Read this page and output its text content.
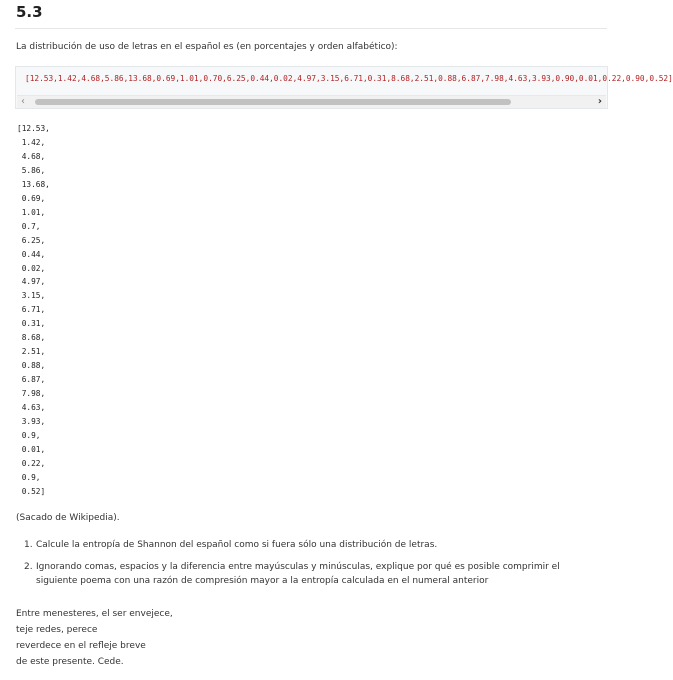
5.3
La distribución de uso de letras en el español es (en porcentajes y orden alfabético):
[12.53,1.42,4.68,5.86,13.68,0.69,1.01,0.70,6.25,0.44,0.02,4.97,3.15,6.71,0.31,8.68,2.51,0.88,6.87,7.98,4.63,3.93,0.90,0.01,0.22,0.90,0.52]
‹	›
[12.53,
1.42,
4.68,
5.86,
13.68,
0.69,
1.01,
0.7,
6.25,
0.44,
0.02,
4.97,
3.15,
6.71,
0.31,
8.68,
2.51,
0.88,
6.87,
7.98,
4.63,
3.93,
0.9,
0.01,
0.22,
0.9,
0.52]
(Sacado de Wikipedia).
1. Calcule la entropía de Shannon del español como si fuera sólo una distribución de letras.
2. Ignorando comas, espacios y la diferencia entre mayúsculas y minúsculas, explique por qué es posible comprimir el siguiente poema con una razón de compresión mayor a la entropía calculada en el numeral anterior
Entre menesteres, el ser envejece,
teje redes, perece
reverdece en el refleje breve
de este presente. Cede.
